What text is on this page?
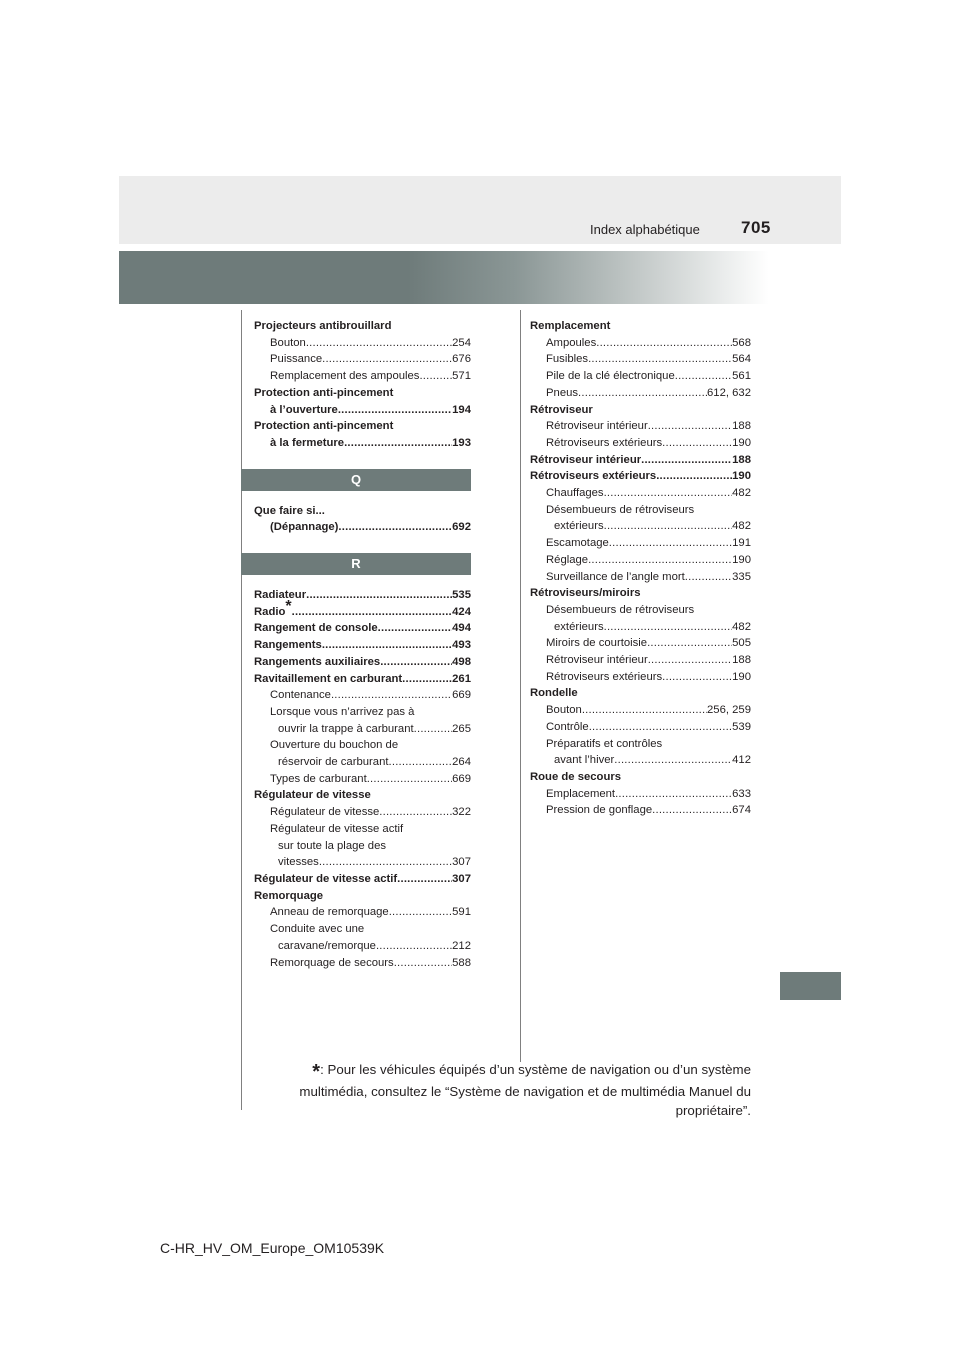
Index alphabétique 705
Projecteurs antibrouillard
Bouton .....	254
Puissance .....	676
Remplacement des ampoules .....	571
Protection anti-pincement
à l’ouverture .....	194
Protection anti-pincement
à la fermeture .....	193
Q
Que faire si...
(Dépannage) .....	692
R
Radiateur .....	535
Radio* .....	424
Rangement de console .....	494
Rangements .....	493
Rangements auxiliaires .....	498
Ravitaillement en carburant .....	261
Contenance .....	669
Lorsque vous n’arrivez pas à
ouvrir la trappe à carburant .....	265
Ouverture du bouchon de
réservoir de carburant .....	264
Types de carburant .....	669
Régulateur de vitesse
Régulateur de vitesse .....	322
Régulateur de vitesse actif
sur toute la plage des
vitesses .....	307
Régulateur de vitesse actif .....	307
Remorquage
Anneau de remorquage .....	591
Conduite avec une
caravane/remorque .....	212
Remorquage de secours .....	588
Remplacement
Ampoules .....	568
Fusibles .....	564
Pile de la clé électronique .....	561
Pneus .....	612, 632
Rétroviseur
Rétroviseur intérieur .....	188
Rétroviseurs extérieurs .....	190
Rétroviseur intérieur .....	188
Rétroviseurs extérieurs .....	190
Chauffages .....	482
Désembueurs de rétroviseurs
extérieurs .....	482
Escamotage .....	191
Réglage .....	190
Surveillance de l’angle mort .....	335
Rétroviseurs/miroirs
Désembueurs de rétroviseurs
extérieurs .....	482
Miroirs de courtoisie .....	505
Rétroviseur intérieur .....	188
Rétroviseurs extérieurs .....	190
Rondelle
Bouton .....	256, 259
Contrôle .....	539
Préparatifs et contrôles
avant l’hiver .....	412
Roue de secours
Emplacement .....	633
Pression de gonflage .....	674
*: Pour les véhicules équipés d’un système de navigation ou d’un système multimédia, consultez le “Système de navigation et de multimédia Manuel du propriétaire”.
C-HR_HV_OM_Europe_OM10539K
